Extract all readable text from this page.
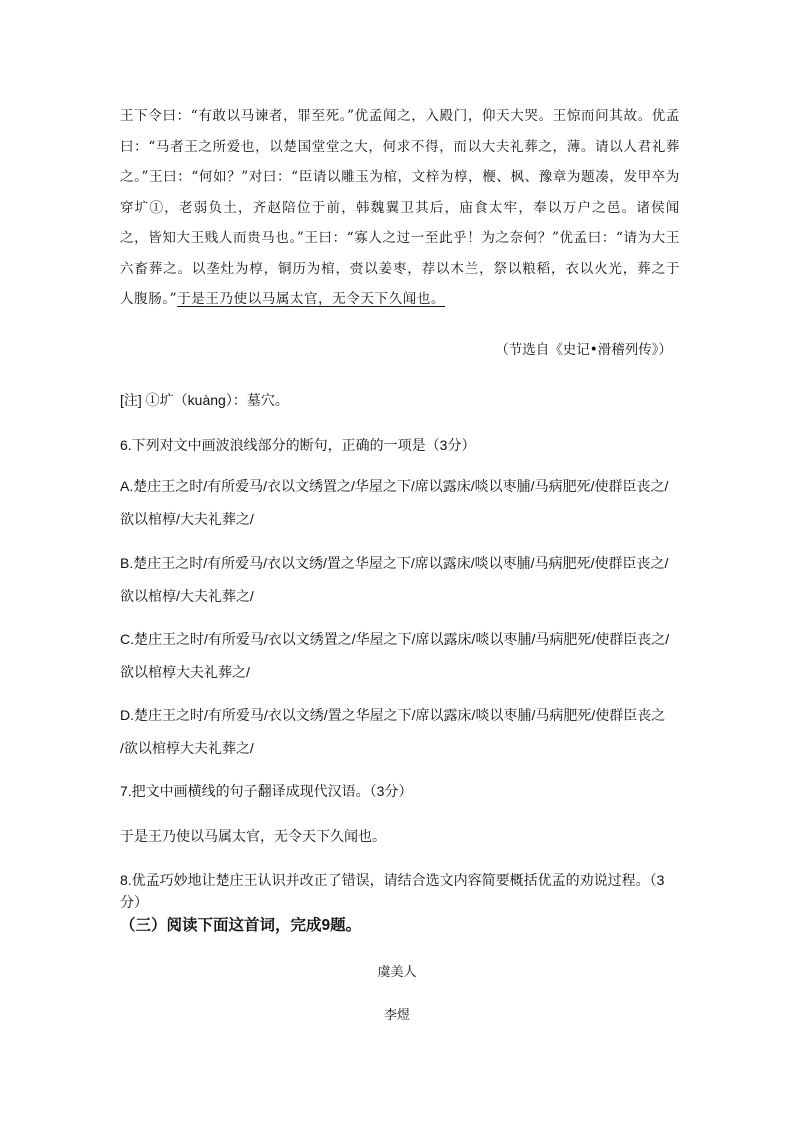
王下令曰：“有敢以马谏者，罪至死。”优孟闻之，入殿门，仰天大哭。王惊而问其故。优孟曰：“马者王之所爱也，以楚国堂堂之大，何求不得，而以大夫礼葬之，薄。请以人君礼葬之。”王曰：“何如？”对曰：“臣请以雕玉为棺，文梓为椁，楩、枫、豫章为题凑，发甲卒为穿圹①，老弱负土，齐赵陪位于前，韩魏翼卫其后，庙食太牢，奉以万户之邑。诸侯闻之，皆知大王贱人而贵马也。”王曰：“寡人之过一至此乎！为之奈何？”优孟曰：“请为大王六畜葬之。以垄灶为椁，铜历为棺，赍以姜枣，荐以木兰，祭以粮稻，衣以火光，葬之于人腹肠。”于是王乃使以马属太官，无令天下久闻也。
（节选自《史记•滑稽列传》）
[注] ①圹（kuàng）：墓穴。
6.下列对文中画波浪线部分的断句，正确的一项是（3分）
A.楚庄王之时/有所爱马/衣以文绣置之/华屋之下/席以露床/啖以枣脯/马病肥死/使群臣丧之/
欲以棺椁/大夫礼葬之/
B.楚庄王之时/有所爱马/衣以文绣/置之华屋之下/席以露床/啖以枣脯/马病肥死/使群臣丧之/
欲以棺椁/大夫礼葬之/
C.楚庄王之时/有所爱马/衣以文绣置之/华屋之下/席以露床/啖以枣脯/马病肥死/使群臣丧之/
欲以棺椁大夫礼葬之/
D.楚庄王之时/有所爱马/衣以文绣/置之华屋之下/席以露床/啖以枣脯/马病肥死/使群臣丧之
/欲以棺椁大夫礼葬之/
7.把文中画横线的句子翻译成现代汉语。（3分）
于是王乃使以马属太官，无令天下久闻也。
8.优孟巧妙地让楚庄王认识并改正了错误，请结合选文内容简要概括优孟的劝说过程。（3分）
（三）阅读下面这首词，完成9题。
虞美人
李煜
